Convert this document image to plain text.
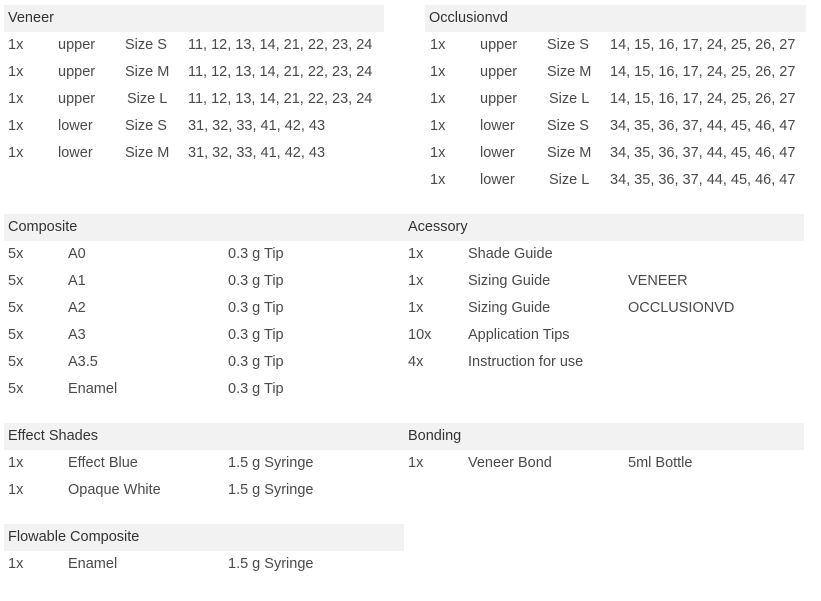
Veneer
1x upper Size S 11, 12, 13, 14, 21, 22, 23, 24
1x upper Size M 11, 12, 13, 14, 21, 22, 23, 24
1x upper Size L 11, 12, 13, 14, 21, 22, 23, 24
1x lower Size S 31, 32, 33, 41, 42, 43
1x lower Size M 31, 32, 33, 41, 42, 43
Occlusionvd
1x upper Size S 14, 15, 16, 17, 24, 25, 26, 27
1x upper Size M 14, 15, 16, 17, 24, 25, 26, 27
1x upper Size L 14, 15, 16, 17, 24, 25, 26, 27
1x lower Size S 34, 35, 36, 37, 44, 45, 46, 47
1x lower Size M 34, 35, 36, 37, 44, 45, 46, 47
1x lower Size L 34, 35, 36, 37, 44, 45, 46, 47
Composite
5x	A0	0.3 g Tip
5x	A1	0.3 g Tip
5x	A2	0.3 g Tip
5x	A3	0.3 g Tip
5x	A3.5	0.3 g Tip
5x	Enamel	0.3 g Tip
Acessory
1x	Shade Guide
1x	Sizing Guide	VENEER
1x	Sizing Guide	OCCLUSIONVD
10x	Application Tips
4x	Instruction for use
Effect Shades
1x	Effect Blue	1.5 g Syringe
1x	Opaque White	1.5 g Syringe
Bonding
1x	Veneer Bond	5ml Bottle
Flowable Composite
1x	Enamel	1.5 g Syringe
